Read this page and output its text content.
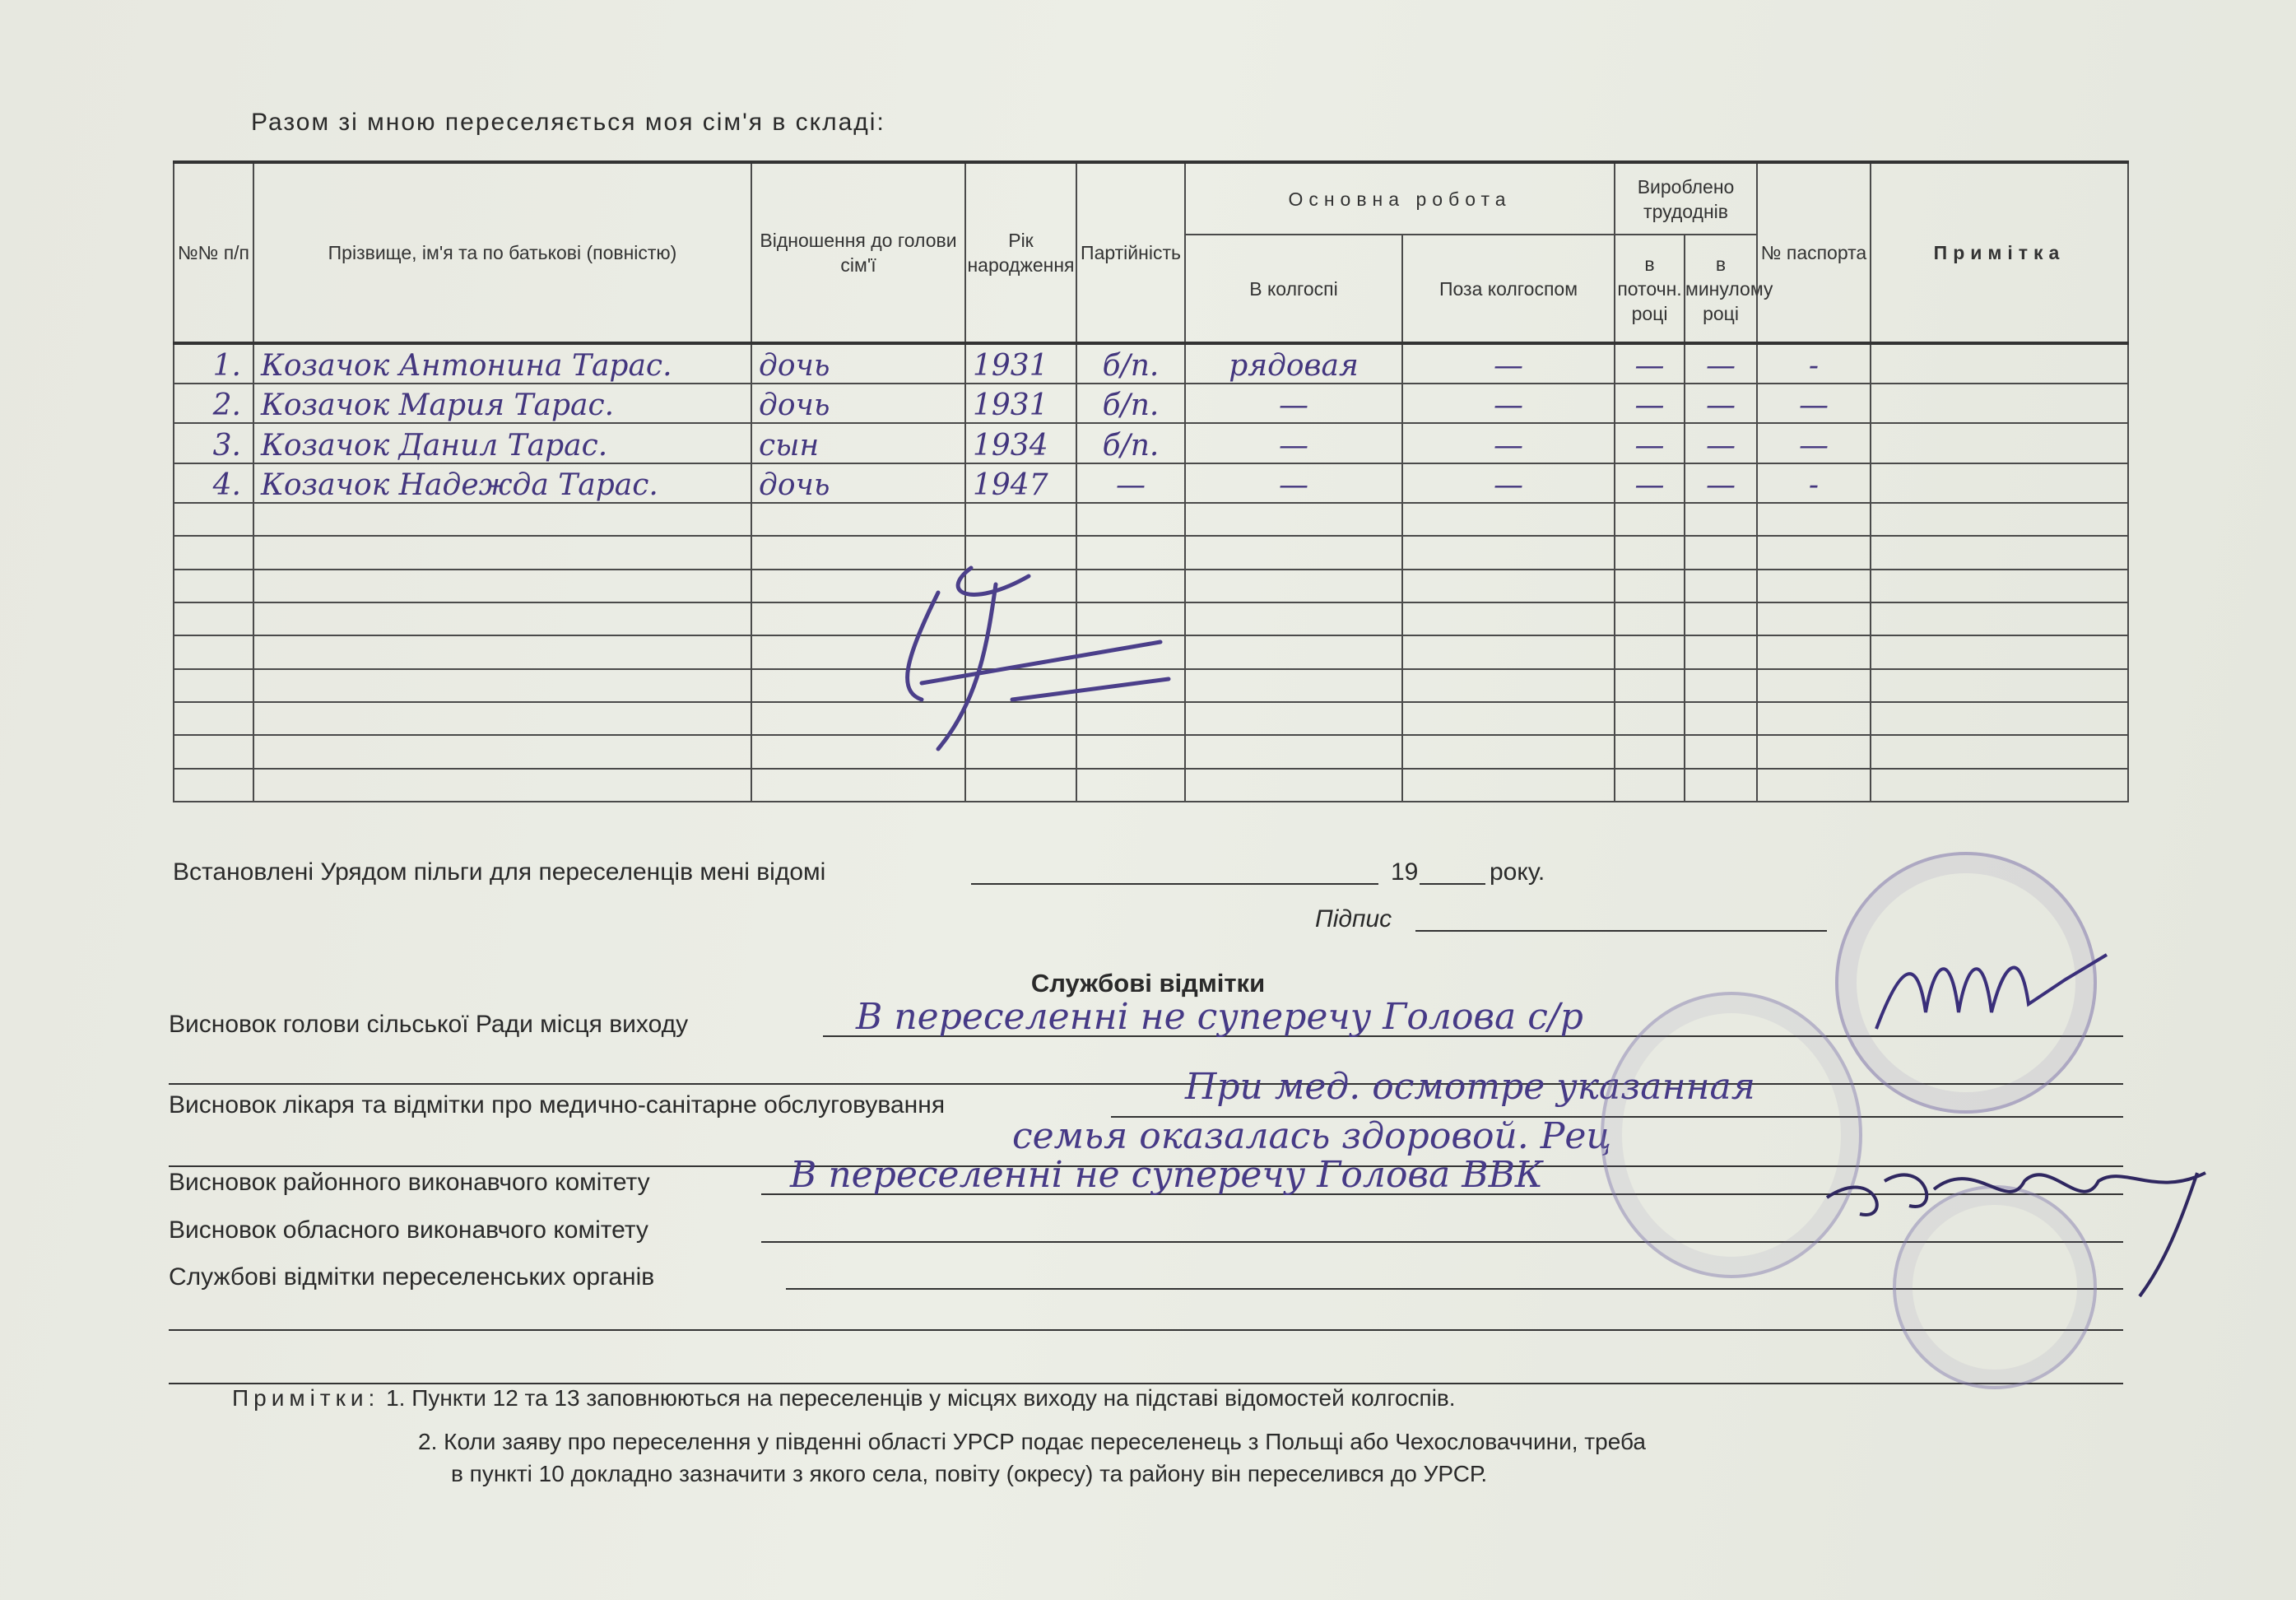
Разом зі мною переселяється моя сім'я в складі:
№№ п/п	Прізвище, ім'я та по батькові (повністю)	Відношення до голови сім'ї	Рік народження	Партійність	Основна робота		Вироблено трудоднів		№ паспорта	Примітка
					В колгоспі	Поза колгоспом	в поточн. році	в минулому році		
1.	Козачок Антонина Тарас.	дочь	1931	б/п.	рядовая	—	—	—	-	
2.	Козачок Мария Тарас.	дочь	1931	б/п.	—	—	—	—	—	
3.	Козачок Данил Тарас.	сын	1934	б/п.	—	—	—	—	—	
4.	Козачок Надежда Тарас.	дочь	1947	—	—	—	—	—	-	

Встановлені Урядом пільги для переселенців мені відомі	19	року.
Підпис
Службові відмітки
Висновок голови сільської Ради місця виходу	В переселенні не суперечу Голова с/р
Висновок лікаря та відмітки про медично-санітарне обслуговування	При мед. осмотре указанная
семья оказалась здоровой. Рец
Висновок районного виконавчого комітету	В переселенні не суперечу Голова ВВК
Висновок обласного виконавчого комітету
Службові відмітки переселенських органів
Примітки: 1. Пункти 12 та 13 заповнюються на переселенців у місцях виходу на підставі відомостей колгоспів.
2. Коли заяву про переселення у південні області УРСР подає переселенець з Польщі або Чехословаччини, треба
в пункті 10 докладно зазначити з якого села, повіту (окресу) та району він переселився до УРСР.
